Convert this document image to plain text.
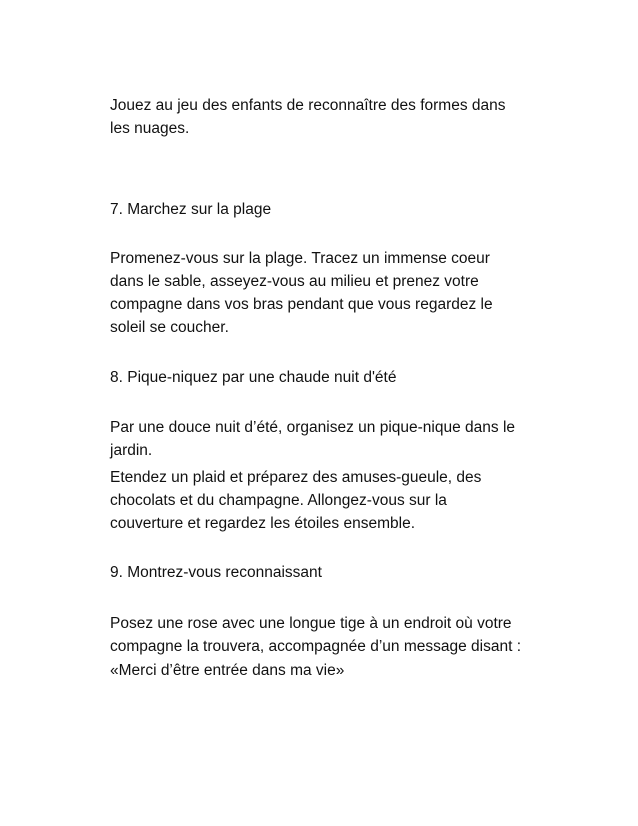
Jouez au jeu des enfants de reconnaître des formes dans
les nuages.

7. Marchez sur la plage

Promenez-vous sur la plage. Tracez un immense coeur
dans le sable, asseyez-vous au milieu et prenez votre
compagne dans vos bras pendant que vous regardez le
soleil se coucher.

8. Pique-niquez par une chaude nuit d'été

Par une douce nuit d’été, organisez un pique-nique dans le
jardin.

Etendez un plaid et préparez des amuses-gueule, des
chocolats et du champagne. Allongez-vous sur la
couverture et regardez les étoiles ensemble.

9. Montrez-vous reconnaissant

Posez une rose avec une longue tige à un endroit où votre
compagne la trouvera, accompagnée d’un message disant :

«Merci d’être entrée dans ma vie»
